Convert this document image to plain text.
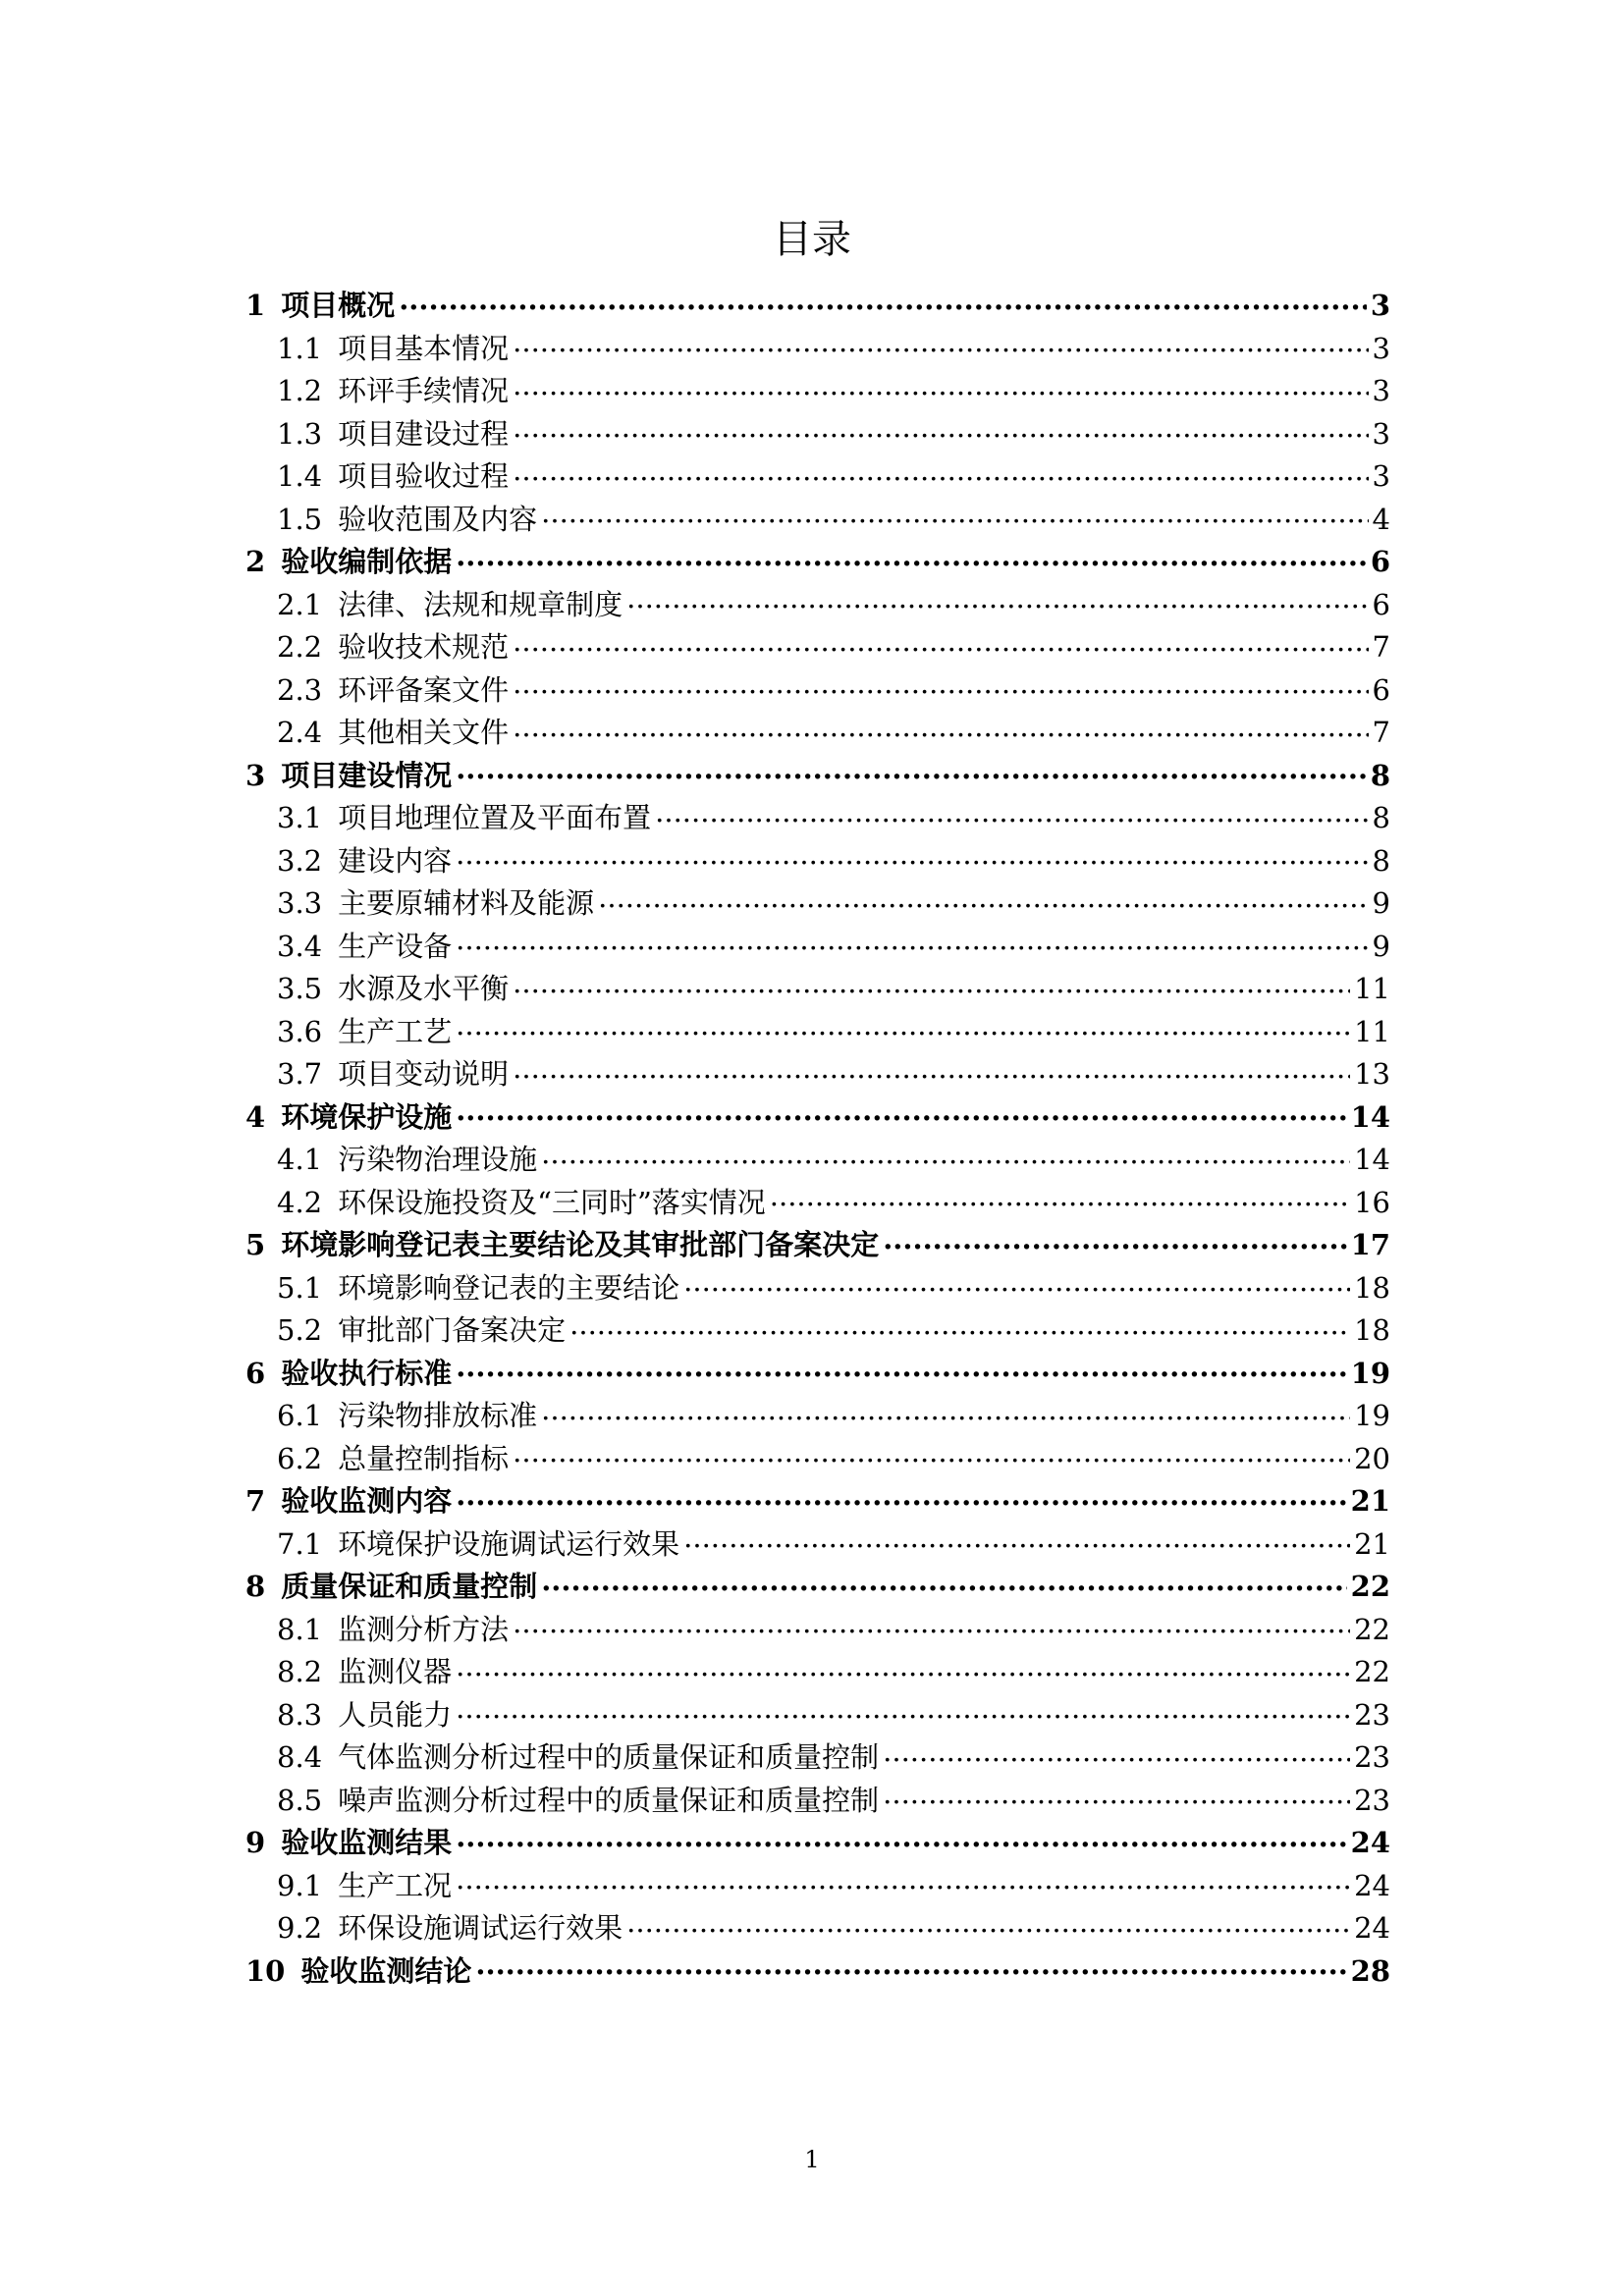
目录
1 项目概况 .....	3
1.1 项目基本情况 .....	3
1.2 环评手续情况 .....	3
1.3 项目建设过程 .....	3
1.4 项目验收过程 .....	3
1.5 验收范围及内容 .....	4
2 验收编制依据 .....	6
2.1 法律、法规和规章制度 .....	6
2.2 验收技术规范 .....	7
2.3 环评备案文件 .....	6
2.4 其他相关文件 .....	7
3 项目建设情况 .....	8
3.1 项目地理位置及平面布置 .....	8
3.2 建设内容 .....	8
3.3 主要原辅材料及能源 .....	9
3.4 生产设备 .....	9
3.5 水源及水平衡 .....	11
3.6 生产工艺 .....	11
3.7 项目变动说明 .....	13
4 环境保护设施 .....	14
4.1 污染物治理设施 .....	14
4.2 环保设施投资及“三同时”落实情况 .....	16
5 环境影响登记表主要结论及其审批部门备案决定 .....	17
5.1 环境影响登记表的主要结论 .....	18
5.2 审批部门备案决定 .....	18
6 验收执行标准 .....	19
6.1 污染物排放标准 .....	19
6.2 总量控制指标 .....	20
7 验收监测内容 .....	21
7.1 环境保护设施调试运行效果 .....	21
8 质量保证和质量控制 .....	22
8.1 监测分析方法 .....	22
8.2 监测仪器 .....	22
8.3 人员能力 .....	23
8.4 气体监测分析过程中的质量保证和质量控制 .....	23
8.5 噪声监测分析过程中的质量保证和质量控制 .....	23
9 验收监测结果 .....	24
9.1 生产工况 .....	24
9.2 环保设施调试运行效果 .....	24
10 验收监测结论 .....	28
1
